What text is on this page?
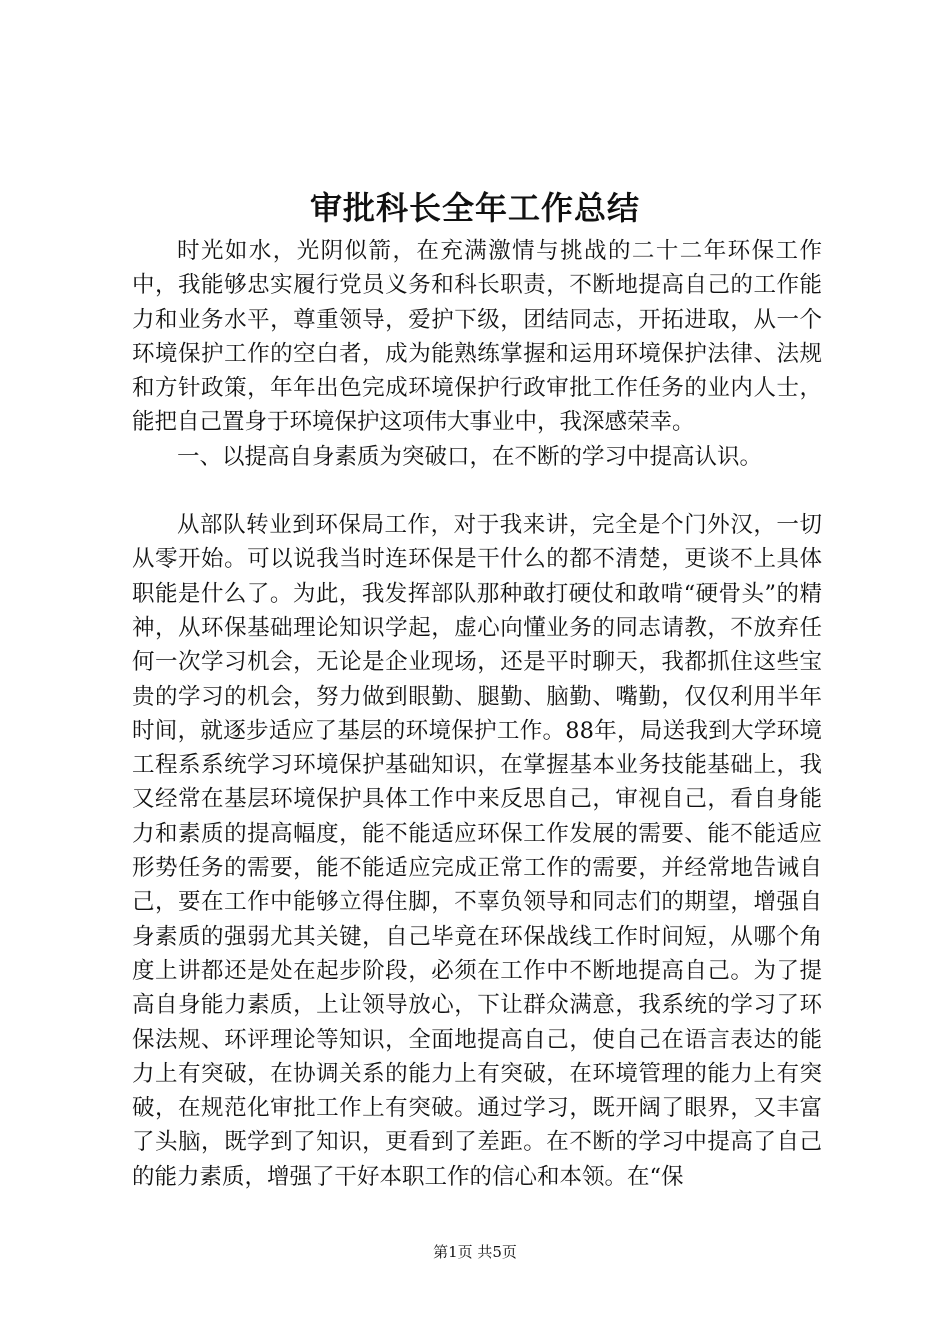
审批科长全年工作总结

时光如水，光阴似箭，在充满激情与挑战的二十二年环保工作中，我能够忠实履行党员义务和科长职责，不断地提高自己的工作能力和业务水平，尊重领导，爱护下级，团结同志，开拓进取，从一个环境保护工作的空白者，成为能熟练掌握和运用环境保护法律、法规和方针政策，年年出色完成环境保护行政审批工作任务的业内人士，能把自己置身于环境保护这项伟大事业中，我深感荣幸。

一、以提高自身素质为突破口，在不断的学习中提高认识。

从部队转业到环保局工作，对于我来讲，完全是个门外汉，一切从零开始。可以说我当时连环保是干什么的都不清楚，更谈不上具体职能是什么了。为此，我发挥部队那种敢打硬仗和敢啃“硬骨头”的精神，从环保基础理论知识学起，虚心向懂业务的同志请教，不放弃任何一次学习机会，无论是企业现场，还是平时聊天，我都抓住这些宝贵的学习的机会，努力做到眼勤、腿勤、脑勤、嘴勤，仅仅利用半年时间，就逐步适应了基层的环境保护工作。88年，局送我到大学环境工程系系统学习环境保护基础知识，在掌握基本业务技能基础上，我又经常在基层环境保护具体工作中来反思自己，审视自己，看自身能力和素质的提高幅度，能不能适应环保工作发展的需要、能不能适应形势任务的需要，能不能适应完成正常工作的需要，并经常地告诫自己，要在工作中能够立得住脚，不辜负领导和同志们的期望，增强自身素质的强弱尤其关键，自己毕竟在环保战线工作时间短，从哪个角度上讲都还是处在起步阶段，必须在工作中不断地提高自己。为了提高自身能力素质，上让领导放心，下让群众满意，我系统的学习了环保法规、环评理论等知识，全面地提高自己，使自己在语言表达的能力上有突破，在协调关系的能力上有突破，在环境管理的能力上有突破，在规范化审批工作上有突破。通过学习，既开阔了眼界，又丰富了头脑，既学到了知识，更看到了差距。在不断的学习中提高了自己的能力素质，增强了干好本职工作的信心和本领。在“保

第1页 共5页
